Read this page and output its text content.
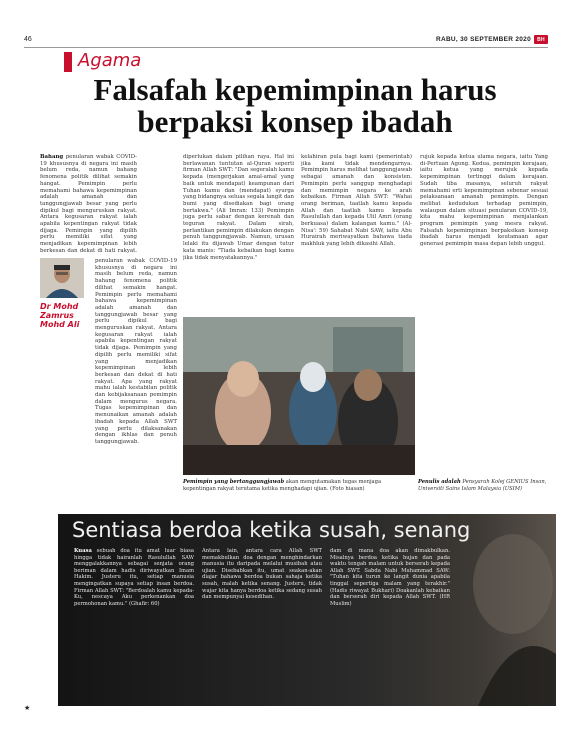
46	RABU, 30 SEPTEMBER 2020	BH
Agama
Falsafah kepemimpinan harus berpaksi konsep ibadah
Bahang penularan wabak COVID-19 khususnya di negara ini masih belum reda, namun bahang fenomena politik dilihat semakin hangat. Pemimpin perlu memahami bahawa kepemimpinan adalah amanah dan tanggungjawab besar yang perlu dipikul bagi menguruskan rakyat. Antara kegusaran rakyat ialah apabila kepentingan rakyat tidak dijaga. Pemimpin yang dipilih perlu memiliki sifat yang menjadikan kepemimpinan lebih berkesan dan dekat di hati rakyat.
Dr Mohd Zamrus Mohd Ali
penularan wabak COVID-19 khususnya di negara ini masih belum reda, namun bahang fenomena politik dilihat semakin hangat. Pemimpin perlu memahami bahawa kepemimpinan adalah amanah dan tanggungjawab besar yang perlu dipikul bagi menguruskan rakyat. Antara kegusaran rakyat ialah apabila kepentingan rakyat tidak dijaga. Pemimpin yang dipilih perlu memiliki sifat yang menjadikan kepemimpinan lebih berkesan dan dekat di hati rakyat. Apa yang rakyat mahu ialah kestabilan politik dan kebijaksanaan pemimpin dalam mengurus negara. Tugas kepemimpinan dan menunaikan amanah adalah ibadah kepada Allah SWT yang perlu dilaksanakan dengan ikhlas dan penuh tanggungjawab.
diperlukan dalam pilihan raya. Hal ini berlawanan tuntutan al-Quran seperti firman Allah SWT: "Dan segeralah kamu kepada (mengerjakan amal-amal yang baik untuk mendapat) keampunan dari Tuhan kamu dan (mendapat) syurga yang bidangnya seluas segala langit dan bumi yang disediakan bagi orang bertakwa." (Ali Imran: 133) Pemimpin juga perlu sabar dengan kerenah dan teguran rakyat. Dalam sirah, perlantikan pemimpin dilakukan dengan penuh tanggungjawab. Namun, urusan lelaki itu dijawab Umar dengan tutur kata manis: "Tiada kebaikan bagi kamu jika tidak menyatakannya."
kelahiran pula bagi kami (pemerintah) jika kami tidak mendengarnya. Pemimpin harus melihat tanggungjawab sebagai amanah dan konsisten. Pemimpin perlu sanggup menghadapi dan memimpin negara ke arah kebaikan. Firman Allah SWT: "Wahai orang beriman, taatlah kamu kepada Allah dan taatlah kamu kepada Rasulullah dan kepada Ulil Amri (orang berkuasa) dalam kalangan kamu." (Al-Nisa': 59) Sahabat Nabi SAW, iaitu Abu Hurairah meriwayatkan bahawa tiada makhluk yang lebih dikasihi Allah.
rujuk kepada ketua ulama negara, iaitu Yang di-Pertuan Agong. Kedua, pemimpin kerajaan, iaitu ketua yang merujuk kepada kepemimpinan tertinggi dalam kerajaan. Sudah tiba masanya, seluruh rakyat memahami erti kepemimpinan sebenar sesuai pelaksanaan amanah pemimpin. Dengan melihat kedudukan terhadap pemimpin, walaupun dalam situasi penularan COVID-19, kita mahu kepemimpinan menjalankan program pemimpin yang mesra rakyat. Falsafah kepemimpinan berpaksikan konsep ibadah harus menjadi keutamaan agar generasi pemimpin masa depan lebih unggul.
Pemimpin yang bertanggungjawab akan mengutamakan tugas menjaga kepentingan rakyat terutama ketika menghadapi ujian. (Foto hiasan)
Penulis adalah Pensyarah Kolej GENIUS Insan, Universiti Sains Islam Malaysia (USIM)
Sentiasa berdoa ketika susah, senang
Kuasa sebuah doa itu amat luar biasa hingga tidak hairanlah Rasulullah SAW menggalakkannya sebagai senjata orang beriman dalam hadis diriwayatkan Imam Hakim. Justeru itu, setiap manusia mengingatkan supaya setiap insan berdoa. Firman Allah SWT: "Berdoalah kamu kepada-Ku, nescaya Aku perkenankan doa permohonan kamu." (Ghafir: 60)
Antara lain, antara cara Allah SWT memakbulkan doa dengan menghindarkan manusia itu daripada melalui musibah atau ujian. Disebabkan itu, umat seakan-akan diajar bahawa berdoa bukan sahaja ketika susah, malah ketika senang. Justeru, tidak wajar kita hanya berdoa ketika sedang susah dan mempunyai kesedihan.
dam di mana doa akan dimakbulkan. Misalnya berdoa ketika hujan dan pada waktu tengah malam untuk berserah kepada Allah SWT. Sabda Nabi Muhammad SAW: "Tuhan kita turun ke langit dunia apabila tinggal sepertiga malam yang terakhir." (Hadis riwayat Bukhari) Doakanlah kebaikan dan berserah diri kepada Allah SWT. (HR Muslim)
★
